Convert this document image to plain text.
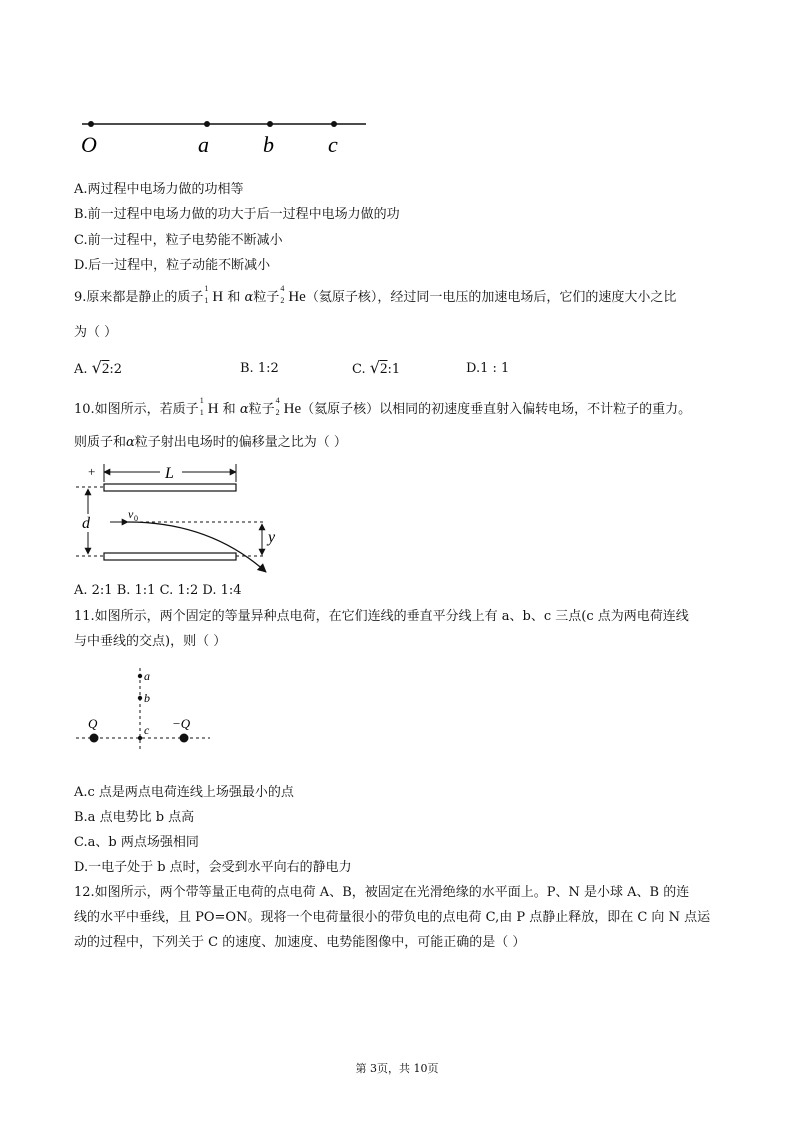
O	a b c
A.两过程中电场力做的功相等
B.前一过程中电场力做的功大于后一过程中电场力做的功
C.前一过程中，粒子电势能不断减小
D.后一过程中，粒子动能不断减小
9.原来都是静止的质子
1
1 H 和 α粒子
4
2 He（氦原子核），经过同一电压的加速电场后，它们的速度大小之比
为（ ）
A. √2:2	B. 1:2	C. √2:1	D.1 : 1
10.如图所示，若质子
1
1 H 和 α粒子
4
2 He（氦原子核）以相同的初速度垂直射入偏转电场，不计粒子的重力。
则质子和α粒子射出电场时的偏移量之比为（ ）
+	L
d
v 0
y
A. 2:1 B. 1:1 C. 1:2 D. 1:4
11.如图所示，两个固定的等量异种点电荷，在它们连线的垂直平分线上有 a、b、c 三点(c 点为两电荷连线
与中垂线的交点)，则（ ）
a
b
c
Q	−Q
A.c 点是两点电荷连线上场强最小的点
B.a 点电势比 b 点高
C.a、b 两点场强相同
D.一电子处于 b 点时，会受到水平向右的静电力
12.如图所示，两个带等量正电荷的点电荷 A、B，被固定在光滑绝缘的水平面上。P、N 是小球 A、B 的连
线的水平中垂线，且 PO=ON。现将一个电荷量很小的带负电的点电荷 C,由 P 点静止释放，即在 C 向 N 点运
动的过程中，下列关于 C 的速度、加速度、电势能图像中，可能正确的是（ ）
第 3页，共 10页
